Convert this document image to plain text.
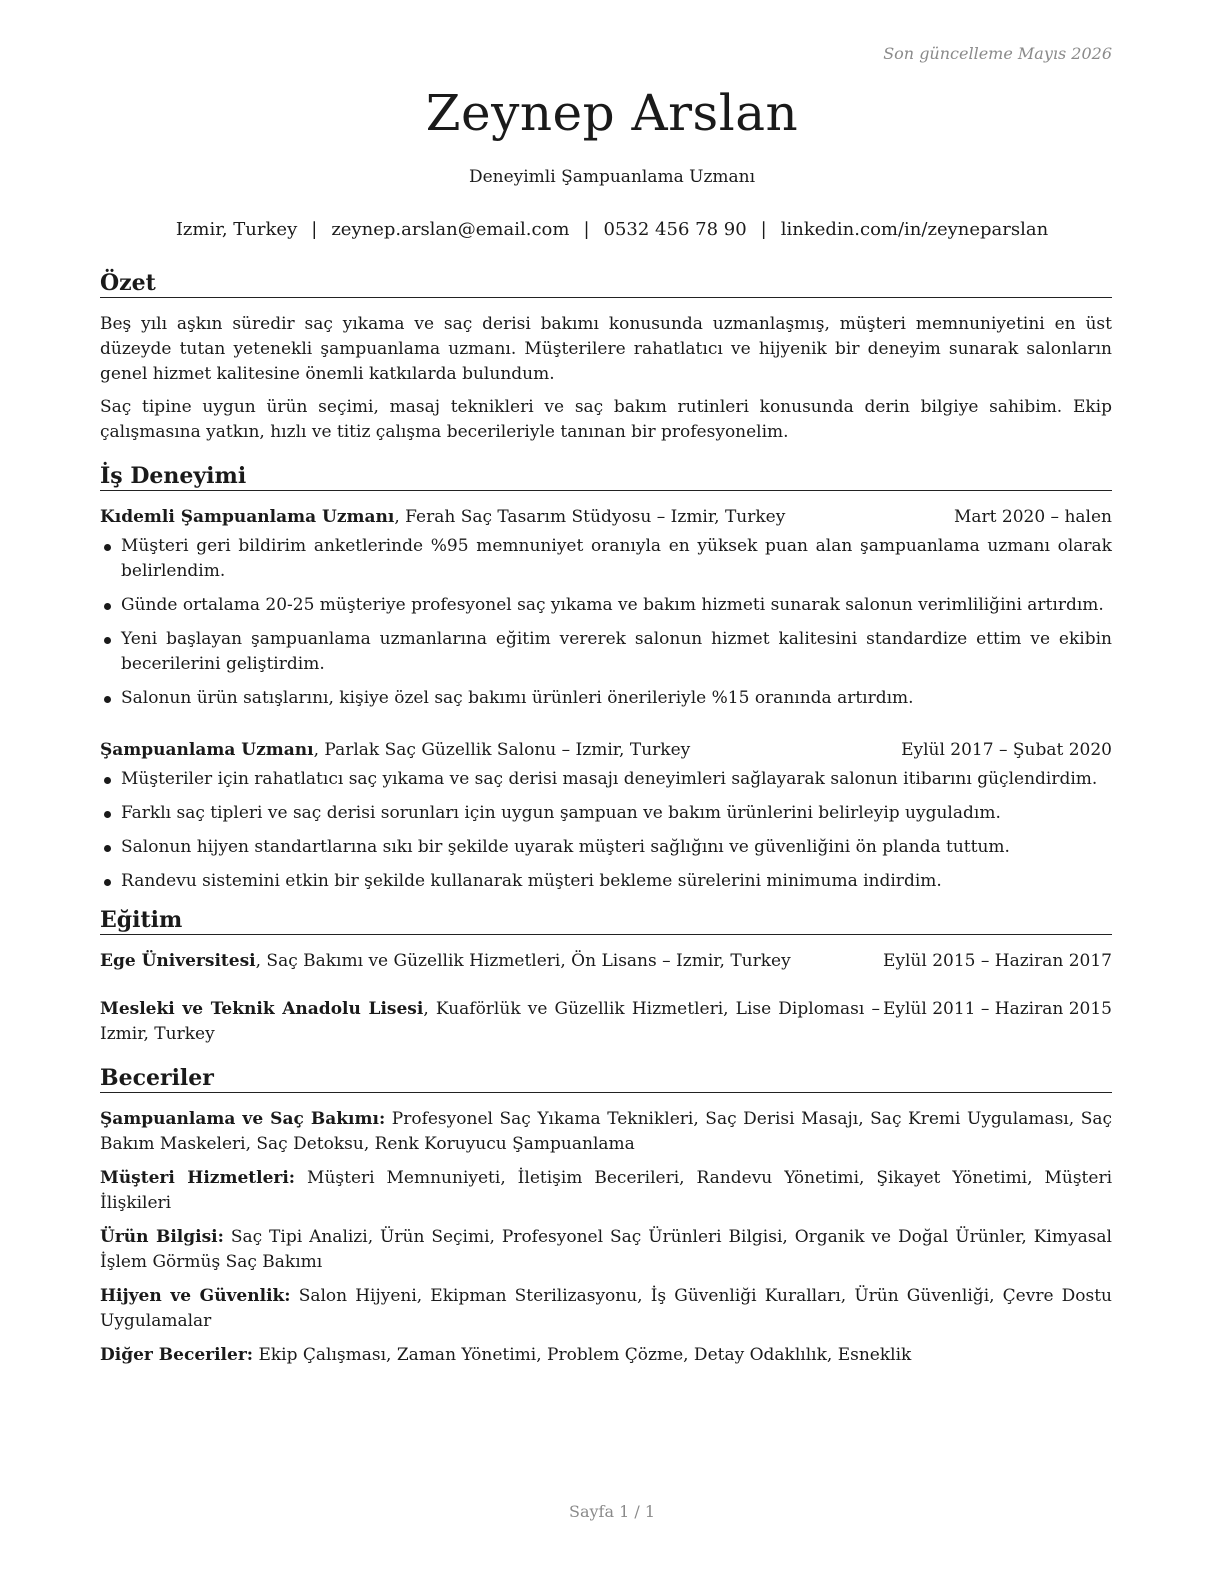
Son güncelleme Mayıs 2026
Zeynep Arslan
Deneyimli Şampuanlama Uzmanı
Izmir, Turkey | zeynep.arslan@email.com | 0532 456 78 90 | linkedin.com/in/zeyneparslan
Özet

Beş yılı aşkın süredir saç yıkama ve saç derisi bakımı konusunda uzmanlaşmış, müşteri memnuniyetini en üst düzeyde tutan yetenekli şampuanlama uzmanı. Müşterilere rahatlatıcı ve hijyenik bir deneyim sunarak salonların genel hizmet kalitesine önemli katkılarda bulundum.

Saç tipine uygun ürün seçimi, masaj teknikleri ve saç bakım rutinleri konusunda derin bilgiye sahibim. Ekip çalışmasına yatkın, hızlı ve titiz çalışma becerileriyle tanınan bir profesyonelim.

İş Deneyimi
Kıdemli Şampuanlama Uzmanı, Ferah Saç Tasarım Stüdyosu – Izmir, Turkey	Mart 2020 – halen
Müşteri geri bildirim anketlerinde %95 memnuniyet oranıyla en yüksek puan alan şampuanlama uzmanı olarak belirlendim.
Günde ortalama 20-25 müşteriye profesyonel saç yıkama ve bakım hizmeti sunarak salonun verimliliğini artırdım.
Yeni başlayan şampuanlama uzmanlarına eğitim vererek salonun hizmet kalitesini standardize ettim ve ekibin becerilerini geliştirdim.
Salonun ürün satışlarını, kişiye özel saç bakımı ürünleri önerileriyle %15 oranında artırdım.
Şampuanlama Uzmanı, Parlak Saç Güzellik Salonu – Izmir, Turkey	Eylül 2017 – Şubat 2020
Müşteriler için rahatlatıcı saç yıkama ve saç derisi masajı deneyimleri sağlayarak salonun itibarını güçlendirdim.
Farklı saç tipleri ve saç derisi sorunları için uygun şampuan ve bakım ürünlerini belirleyip uyguladım.
Salonun hijyen standartlarına sıkı bir şekilde uyarak müşteri sağlığını ve güvenliğini ön planda tuttum.
Randevu sistemini etkin bir şekilde kullanarak müşteri bekleme sürelerini minimuma indirdim.
Eğitim
Ege Üniversitesi, Saç Bakımı ve Güzellik Hizmetleri, Ön Lisans – Izmir, Turkey	Eylül 2015 – Haziran 2017
Mesleki ve Teknik Anadolu Lisesi, Kuaförlük ve Güzellik Hizmetleri, Lise Diploması – Izmir, Turkey
Eylül 2011 – Haziran 2015
Beceriler
Şampuanlama ve Saç Bakımı: Profesyonel Saç Yıkama Teknikleri, Saç Derisi Masajı, Saç Kremi Uygulaması, Saç Bakım Maskeleri, Saç Detoksu, Renk Koruyucu Şampuanlama
Müşteri Hizmetleri: Müşteri Memnuniyeti, İletişim Becerileri, Randevu Yönetimi, Şikayet Yönetimi, Müşteri İlişkileri
Ürün Bilgisi: Saç Tipi Analizi, Ürün Seçimi, Profesyonel Saç Ürünleri Bilgisi, Organik ve Doğal Ürünler, Kimyasal İşlem Görmüş Saç Bakımı
Hijyen ve Güvenlik: Salon Hijyeni, Ekipman Sterilizasyonu, İş Güvenliği Kuralları, Ürün Güvenliği, Çevre Dostu Uygulamalar
Diğer Beceriler: Ekip Çalışması, Zaman Yönetimi, Problem Çözme, Detay Odaklılık, Esneklik
Sayfa 1 / 1
